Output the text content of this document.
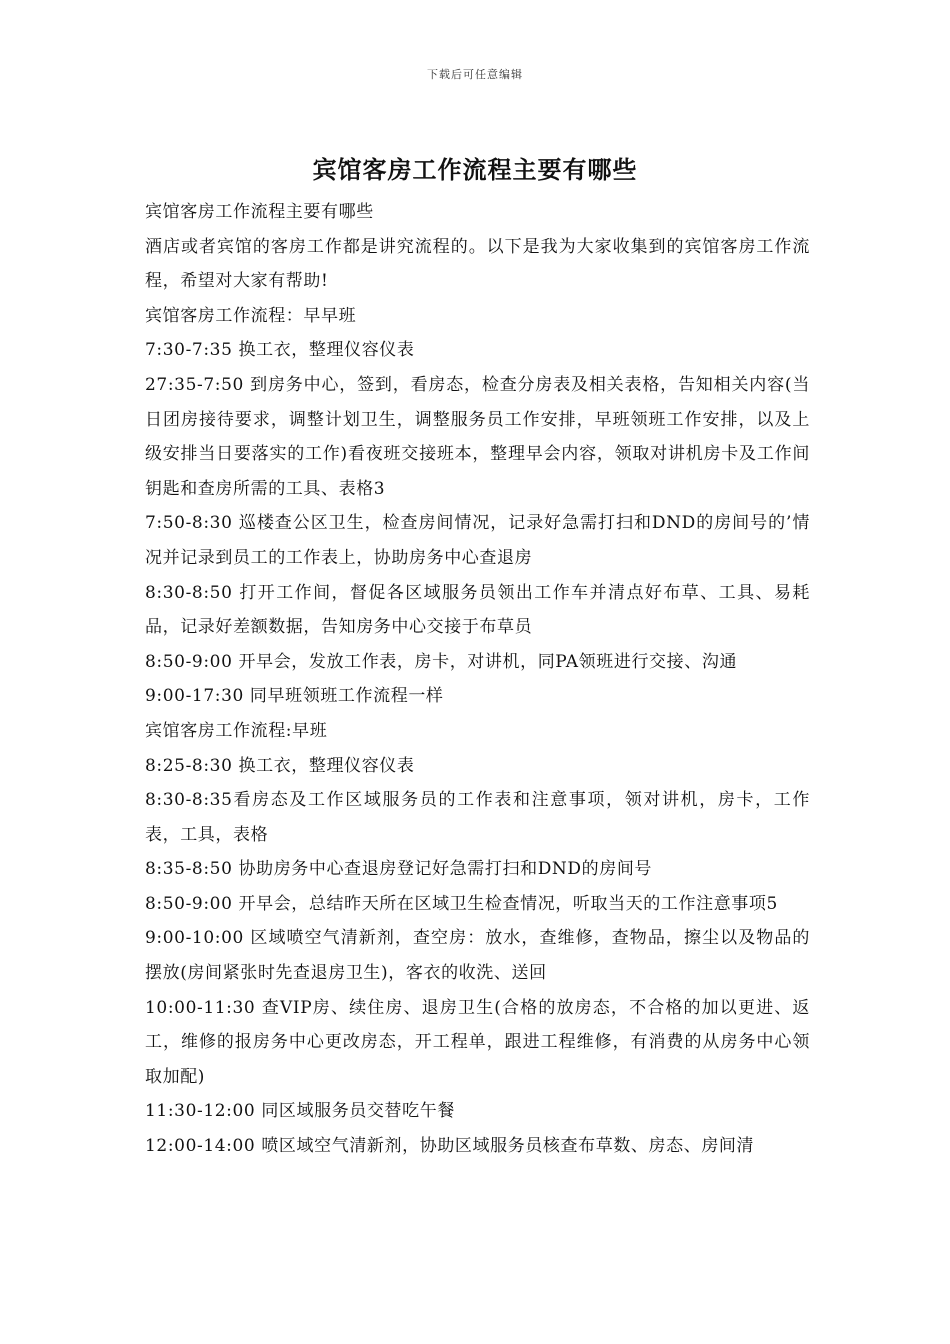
下载后可任意编辑
宾馆客房工作流程主要有哪些

宾馆客房工作流程主要有哪些

酒店或者宾馆的客房工作都是讲究流程的。以下是我为大家收集到的宾馆客房工作流程，希望对大家有帮助!

宾馆客房工作流程：早早班

7:30-7:35 换工衣，整理仪容仪表

27:35-7:50 到房务中心，签到，看房态，检查分房表及相关表格，告知相关内容(当日团房接待要求，调整计划卫生，调整服务员工作安排，早班领班工作安排，以及上级安排当日要落实的工作)看夜班交接班本，整理早会内容，领取对讲机房卡及工作间钥匙和查房所需的工具、表格3

7:50-8:30 巡楼查公区卫生，检查房间情况，记录好急需打扫和DND的房间号的’情况并记录到员工的工作表上，协助房务中心查退房

8:30-8:50 打开工作间，督促各区域服务员领出工作车并清点好布草、工具、易耗品，记录好差额数据，告知房务中心交接于布草员

8:50-9:00 开早会，发放工作表，房卡，对讲机，同PA领班进行交接、沟通

9:00-17:30 同早班领班工作流程一样

宾馆客房工作流程:早班

8:25-8:30 换工衣，整理仪容仪表

8:30-8:35看房态及工作区域服务员的工作表和注意事项，领对讲机，房卡，工作表，工具，表格

8:35-8:50 协助房务中心查退房登记好急需打扫和DND的房间号

8:50-9:00 开早会，总结昨天所在区域卫生检查情况，听取当天的工作注意事项5

9:00-10:00 区域喷空气清新剂，查空房：放水，查维修，查物品，擦尘以及物品的摆放(房间紧张时先查退房卫生)，客衣的收洗、送回

10:00-11:30 查VIP房、续住房、退房卫生(合格的放房态，不合格的加以更进、返工，维修的报房务中心更改房态，开工程单，跟进工程维修，有消费的从房务中心领取加配)

11:30-12:00 同区域服务员交替吃午餐

12:00-14:00 喷区域空气清新剂，协助区域服务员核查布草数、房态、房间清
